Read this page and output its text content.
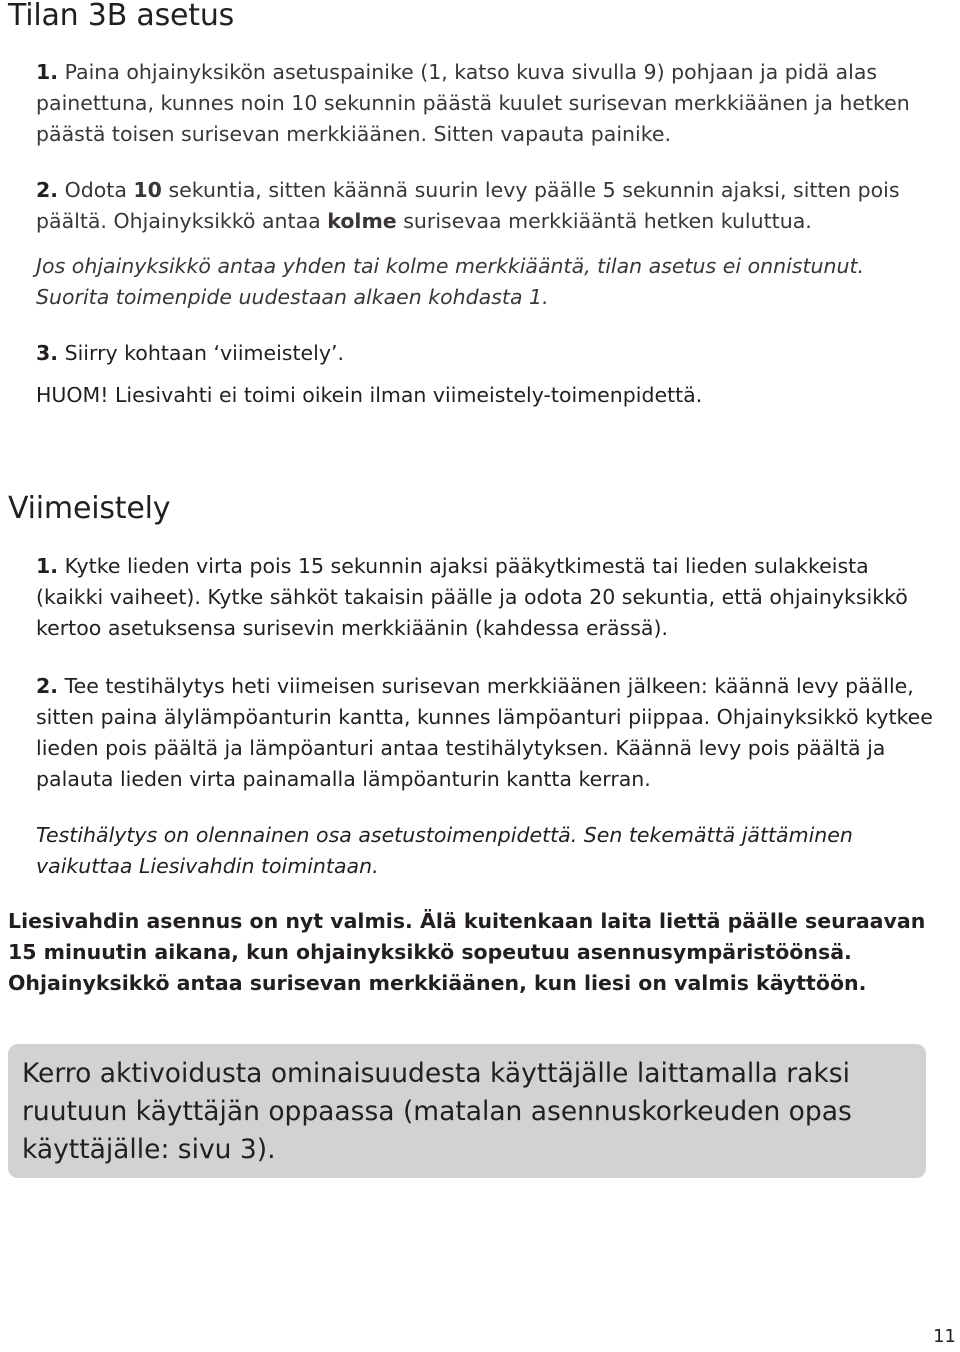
Tilan 3B asetus
1. Paina ohjainyksikön asetuspainike (1, katso kuva sivulla 9) pohjaan ja pidä alas painettuna, kunnes noin 10 sekunnin päästä kuulet surisevan merkkiäänen ja hetken päästä toisen surisevan merkkiäänen. Sitten vapauta painike.
2. Odota 10 sekuntia, sitten käännä suurin levy päälle 5 sekunnin ajaksi, sitten pois päältä. Ohjainyksikkö antaa kolme surisevaa merkkiääntä hetken kuluttua.
Jos ohjainyksikkö antaa yhden tai kolme merkkiääntä, tilan asetus ei onnistunut. Suorita toimenpide uudestaan alkaen kohdasta 1.
3. Siirry kohtaan ‘viimeistely’.
HUOM! Liesivahti ei toimi oikein ilman viimeistely-toimenpidettä.
Viimeistely
1. Kytke lieden virta pois 15 sekunnin ajaksi pääkytkimestä tai lieden sulakkeista (kaikki vaiheet). Kytke sähköt takaisin päälle ja odota 20 sekuntia, että ohjainyksikkö kertoo asetuksensa surisevin merkkiäänin (kahdessa erässä).
2. Tee testihälytys heti viimeisen surisevan merkkiäänen jälkeen: käännä levy päälle, sitten paina älylämpöanturin kantta, kunnes lämpöanturi piippaa. Ohjainyksikkö kytkee lieden pois päältä ja lämpöanturi antaa testihälytyksen. Käännä levy pois päältä ja palauta lieden virta painamalla lämpöanturin kantta kerran.
Testihälytys on olennainen osa asetustoimenpidettä. Sen tekemättä jättäminen vaikuttaa Liesivahdin toimintaan.
Liesivahdin asennus on nyt valmis. Älä kuitenkaan laita liettä päälle seuraavan 15 minuutin aikana, kun ohjainyksikkö sopeutuu asennusympäristöönsä. Ohjainyksikkö antaa surisevan merkkiäänen, kun liesi on valmis käyttöön.
Kerro aktivoidusta ominaisuudesta käyttäjälle laittamalla raksi ruutuun käyttäjän oppaassa (matalan asennuskorkeuden opas käyttäjälle: sivu 3).
11
